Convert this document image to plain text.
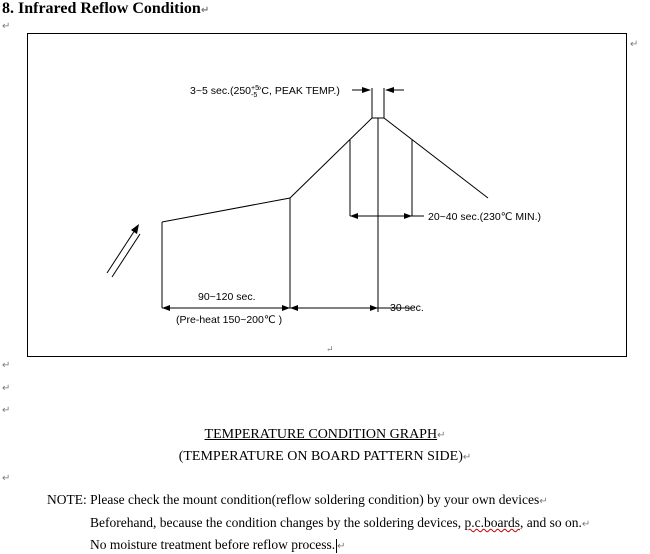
8. Infrared Reflow Condition↵
↵
↵
↵
↵
↵
↵
3~5 $\sec.(250^{+5}$ -5°C, PEAK TEMP.)
20~40 sec.(230℃ MIN.)
90~120 sec.
(Pre-heat 150~200℃ )
30 sec.
↵
TEMPERATURE CONDITION GRAPH↵
(TEMPERATURE ON BOARD PATTERN SIDE)↵
NOTE: Please check the mount condition(reflow soldering condition) by your own devices↵
Beforehand, because the condition changes by the soldering devices, p.c.boards, and so on.↵
No moisture treatment before reflow process. ↵
